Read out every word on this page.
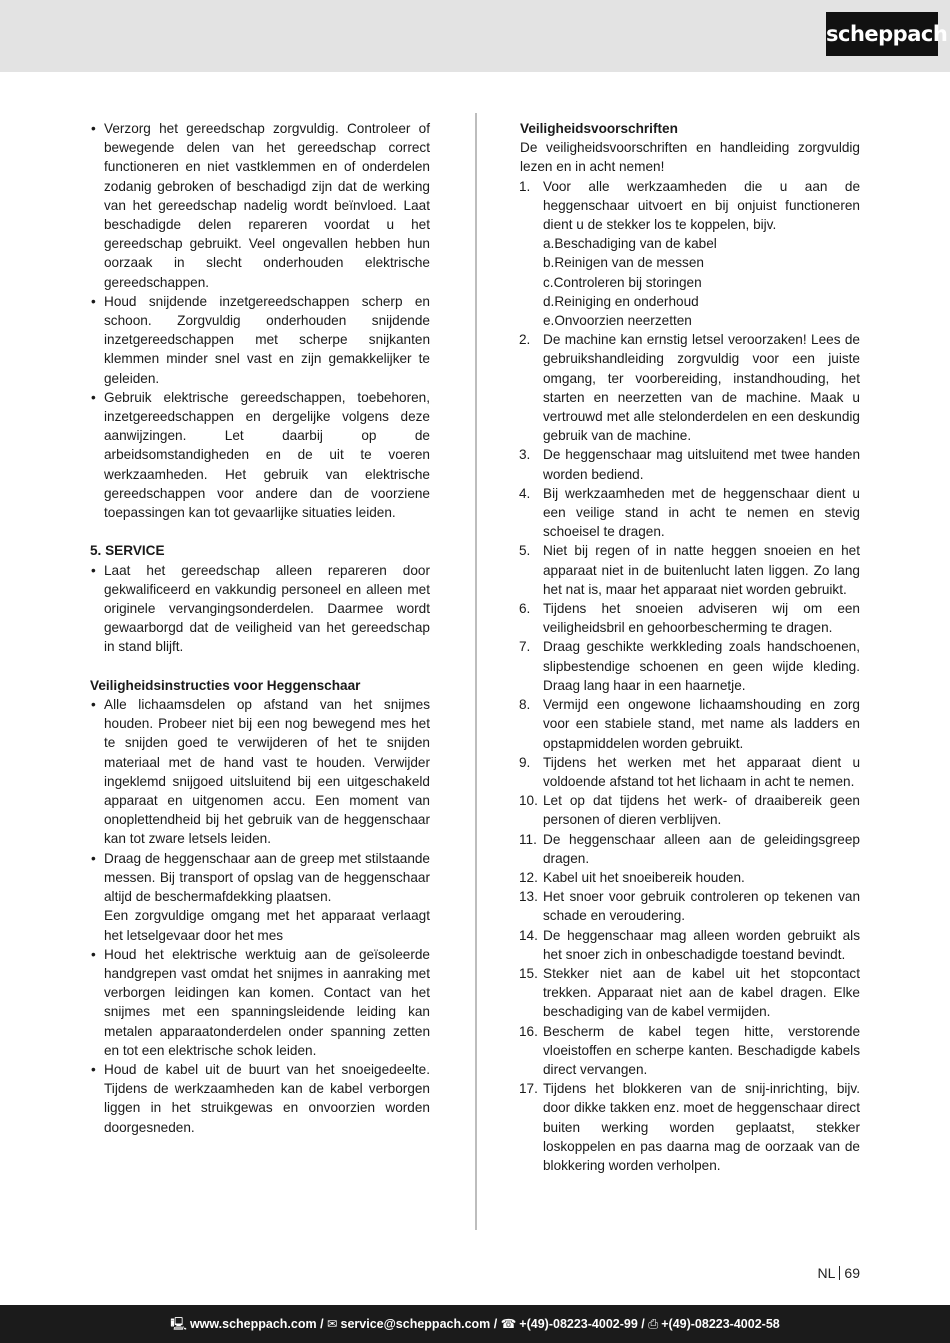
scheppach
• Verzorg het gereedschap zorgvuldig. Controleer of bewegende delen van het gereedschap correct functioneren en niet vastklemmen en of onderdelen zodanig gebroken of beschadigd zijn dat de werking van het gereedschap nadelig wordt beïnvloed. Laat beschadigde delen repareren voordat u het gereedschap gebruikt. Veel ongevallen hebben hun oorzaak in slecht onderhouden elektrische gereedschappen.
• Houd snijdende inzetgereedschappen scherp en schoon. Zorgvuldig onderhouden snijdende inzetgereedschappen met scherpe snijkanten klemmen minder snel vast en zijn gemakkelijker te geleiden.
• Gebruik elektrische gereedschappen, toebehoren, inzetgereedschappen en dergelijke volgens deze aanwijzingen. Let daarbij op de arbeidsomstandigheden en de uit te voeren werkzaamheden. Het gebruik van elektrische gereedschappen voor andere dan de voorziene toepassingen kan tot gevaarlijke situaties leiden.

5. SERVICE

• Laat het gereedschap alleen repareren door gekwalificeerd en vakkundig personeel en alleen met originele vervangingsonderdelen. Daarmee wordt gewaarborgd dat de veiligheid van het gereedschap in stand blijft.

Veiligheidsinstructies voor Heggenschaar

• Alle lichaamsdelen op afstand van het snijmes houden. Probeer niet bij een nog bewegend mes het te snijden goed te verwijderen of het te snijden materiaal met de hand vast te houden. Verwijder ingeklemd snijgoed uitsluitend bij een uitgeschakeld apparaat en uitgenomen accu. Een moment van onoplettendheid bij het gebruik van de heggenschaar kan tot zware letsels leiden.
• Draag de heggenschaar aan de greep met stilstaande messen. Bij transport of opslag van de heggenschaar altijd de beschermafdekking plaatsen.

Een zorgvuldige omgang met het apparaat verlaagt het letselgevaar door het mes

• Houd het elektrische werktuig aan de geïsoleerde handgrepen vast omdat het snijmes in aanraking met verborgen leidingen kan komen. Contact van het snijmes met een spanningsleidende leiding kan metalen apparaatonderdelen onder spanning zetten en tot een elektrische schok leiden.
• Houd de kabel uit de buurt van het snoeigedeelte. Tijdens de werkzaamheden kan de kabel verborgen liggen in het struikgewas en onvoorzien worden doorgesneden.

Veiligheidsvoorschriften

De veiligheidsvoorschriften en handleiding zorgvuldig lezen en in acht nemen!

1. Voor alle werkzaamheden die u aan de heggenschaar uitvoert en bij onjuist functioneren dient u de stekker los te koppelen, bijv.
a.Beschadiging van de kabel
b.Reinigen van de messen
c.Controleren bij storingen
d.Reiniging en onderhoud
e.Onvoorzien neerzetten
2. De machine kan ernstig letsel veroorzaken! Lees de gebruikshandleiding zorgvuldig voor een juiste omgang, ter voorbereiding, instandhouding, het starten en neerzetten van de machine. Maak u vertrouwd met alle stelonderdelen en een deskundig gebruik van de machine.
3. De heggenschaar mag uitsluitend met twee handen worden bediend.
4. Bij werkzaamheden met de heggenschaar dient u een veilige stand in acht te nemen en stevig schoeisel te dragen.
5. Niet bij regen of in natte heggen snoeien en het apparaat niet in de buitenlucht laten liggen. Zo lang het nat is, maar het apparaat niet worden gebruikt.
6. Tijdens het snoeien adviseren wij om een veiligheidsbril en gehoorbescherming te dragen.
7. Draag geschikte werkkleding zoals handschoenen, slipbestendige schoenen en geen wijde kleding. Draag lang haar in een haarnetje.
8. Vermijd een ongewone lichaamshouding en zorg voor een stabiele stand, met name als ladders en opstapmiddelen worden gebruikt.
9. Tijdens het werken met het apparaat dient u voldoende afstand tot het lichaam in acht te nemen.
10. Let op dat tijdens het werk- of draaibereik geen personen of dieren verblijven.
11. De heggenschaar alleen aan de geleidingsgreep dragen.
12. Kabel uit het snoeibereik houden.
13. Het snoer voor gebruik controleren op tekenen van schade en veroudering.
14. De heggenschaar mag alleen worden gebruikt als het snoer zich in onbeschadigde toestand bevindt.
15. Stekker niet aan de kabel uit het stopcontact trekken. Apparaat niet aan de kabel dragen. Elke beschadiging van de kabel vermijden.
16. Bescherm de kabel tegen hitte, verstorende vloeistoffen en scherpe kanten. Beschadigde kabels direct vervangen.
17. Tijdens het blokkeren van de snij-inrichting, bijv. door dikke takken enz. moet de heggenschaar direct buiten werking worden geplaatst, stekker loskoppelen en pas daarna mag de oorzaak van de blokkering worden verholpen.
NL 69
🖳 www.scheppach.com / ✉ service@scheppach.com / ☎ +(49)-08223-4002-99 / ⎙ +(49)-08223-4002-58
